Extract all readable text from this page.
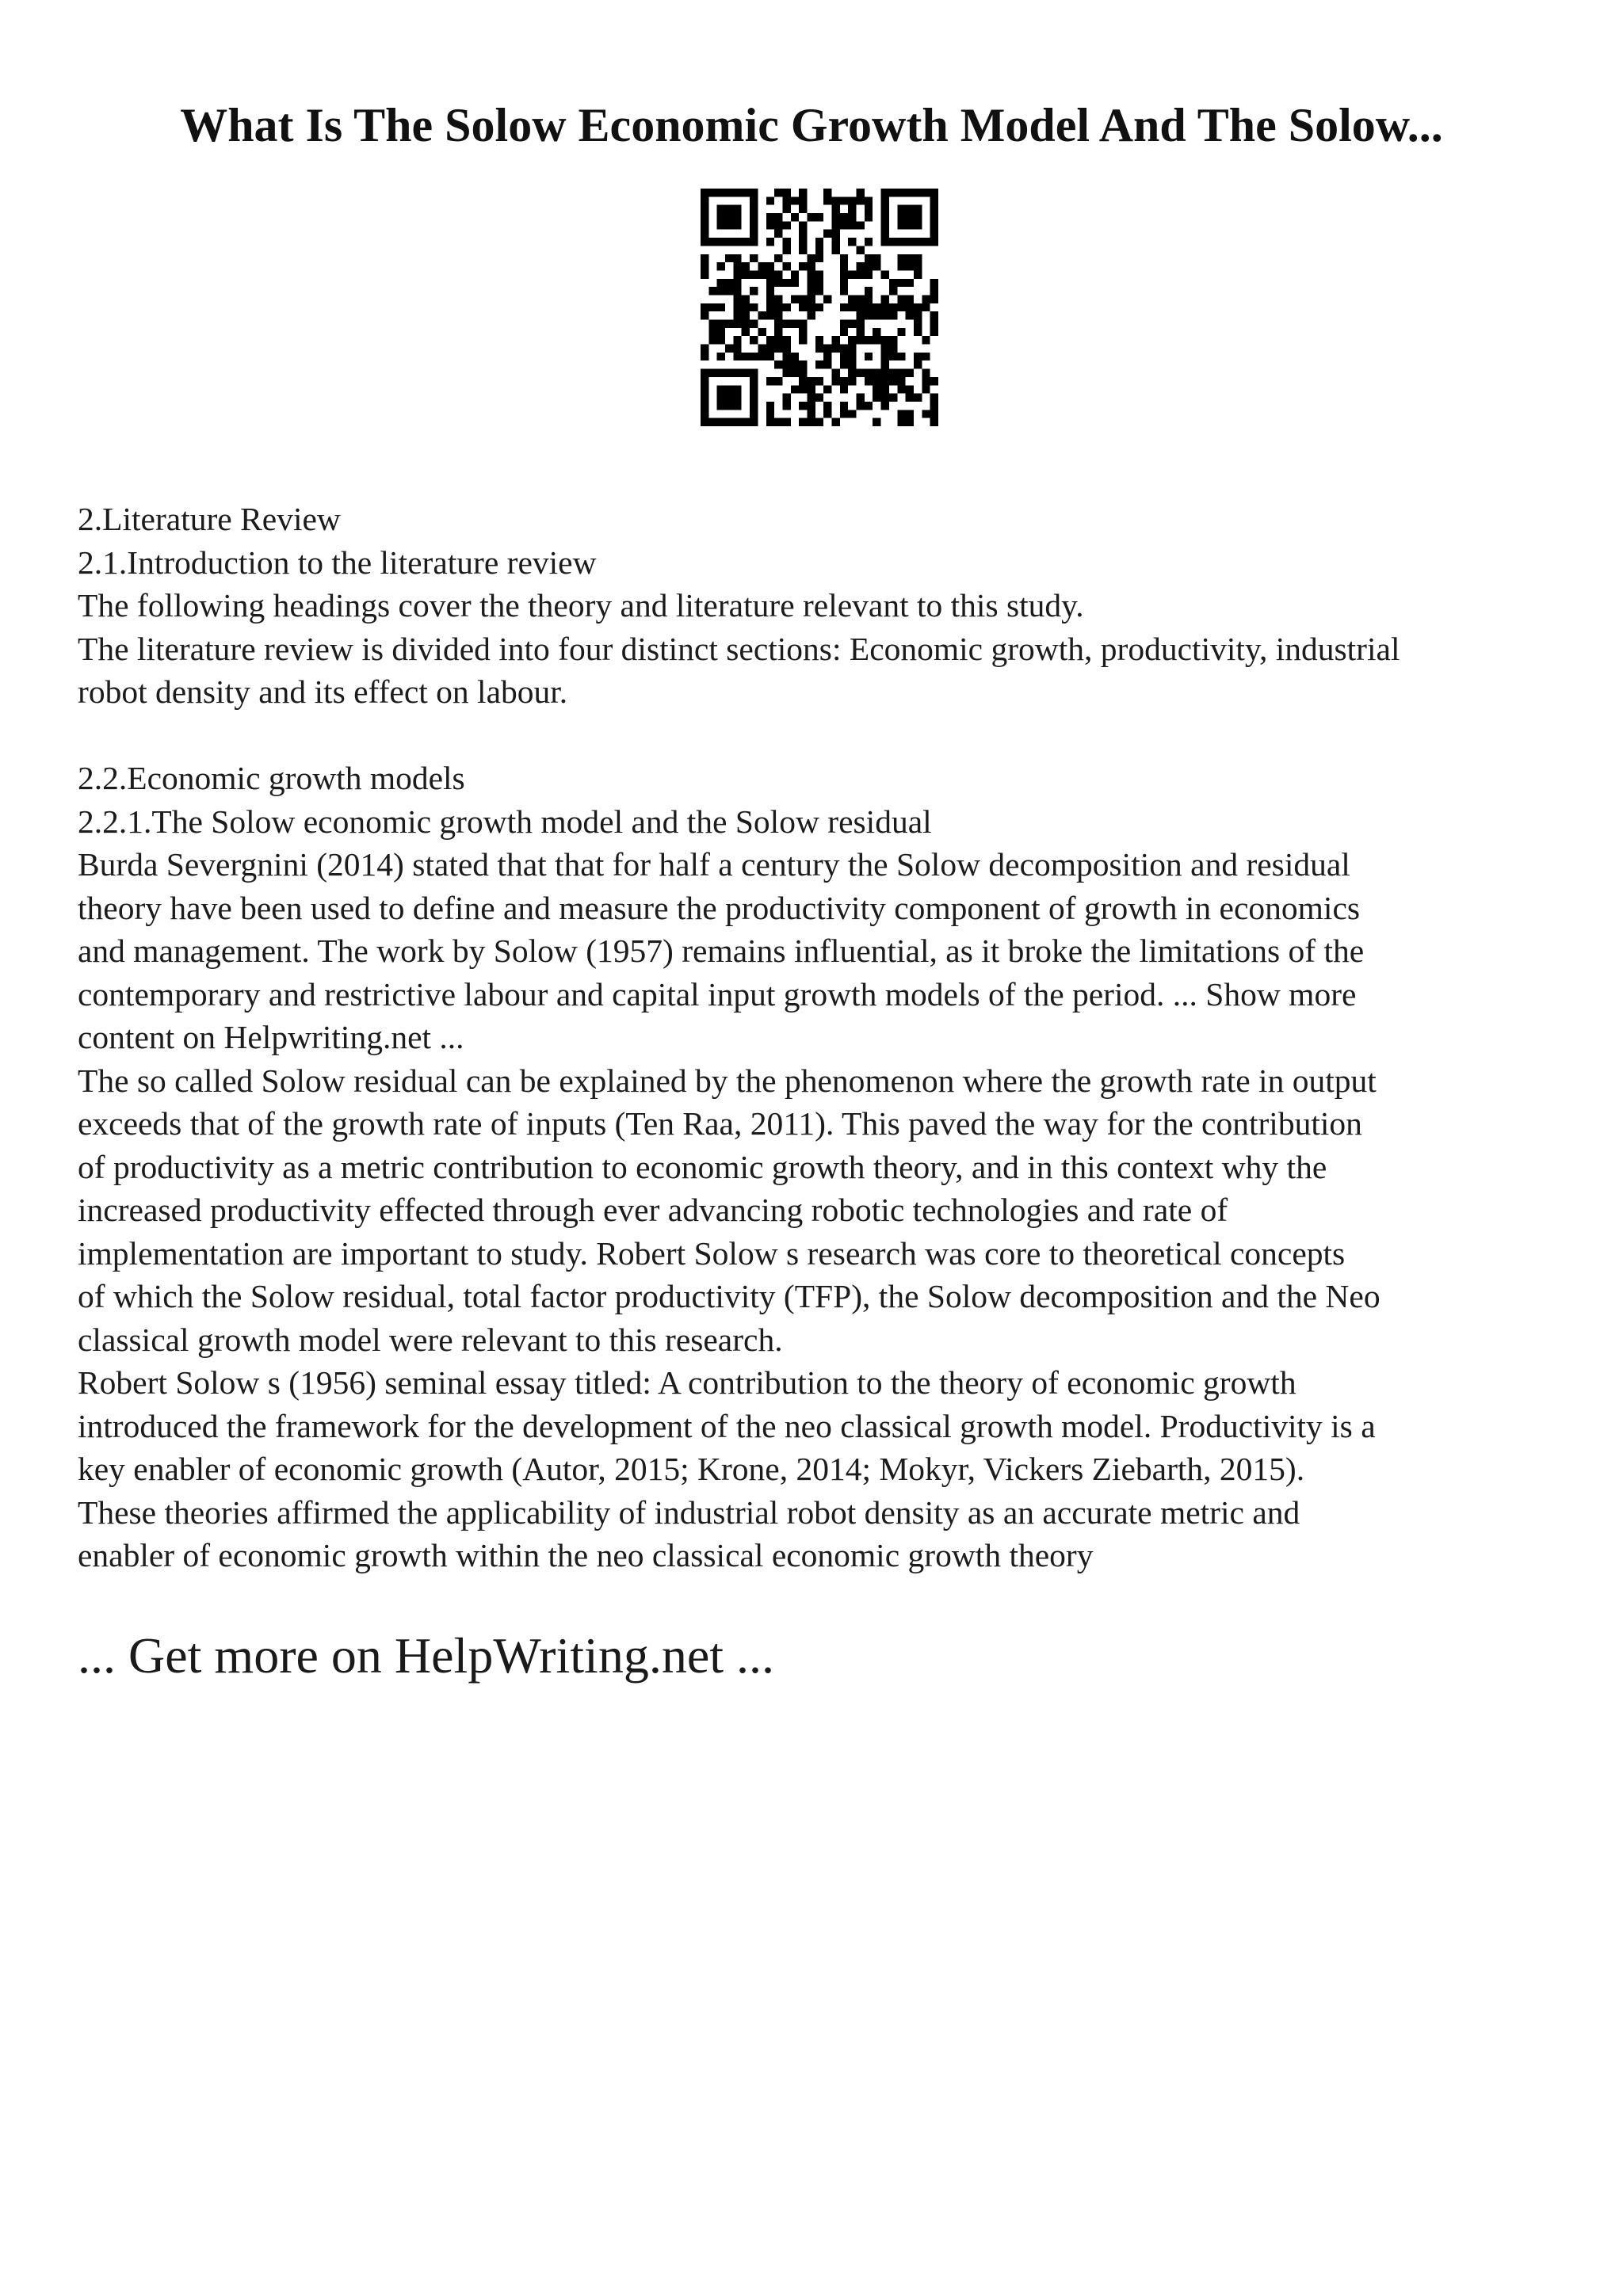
What Is The Solow Economic Growth Model And The Solow...
2.Literature Review
2.1.Introduction to the literature review
The following headings cover the theory and literature relevant to this study.
The literature review is divided into four distinct sections: Economic growth, productivity, industrial
robot density and its effect on labour.
2.2.Economic growth models
2.2.1.The Solow economic growth model and the Solow residual
Burda Severgnini (2014) stated that that for half a century the Solow decomposition and residual
theory have been used to define and measure the productivity component of growth in economics
and management. The work by Solow (1957) remains influential, as it broke the limitations of the
contemporary and restrictive labour and capital input growth models of the period. ... Show more
content on Helpwriting.net ...
The so called Solow residual can be explained by the phenomenon where the growth rate in output
exceeds that of the growth rate of inputs (Ten Raa, 2011). This paved the way for the contribution
of productivity as a metric contribution to economic growth theory, and in this context why the
increased productivity effected through ever advancing robotic technologies and rate of
implementation are important to study. Robert Solow s research was core to theoretical concepts
of which the Solow residual, total factor productivity (TFP), the Solow decomposition and the Neo
classical growth model were relevant to this research.
Robert Solow s (1956) seminal essay titled: A contribution to the theory of economic growth
introduced the framework for the development of the neo classical growth model. Productivity is a
key enabler of economic growth (Autor, 2015; Krone, 2014; Mokyr, Vickers Ziebarth, 2015).
These theories affirmed the applicability of industrial robot density as an accurate metric and
enabler of economic growth within the neo classical economic growth theory
... Get more on HelpWriting.net ...
